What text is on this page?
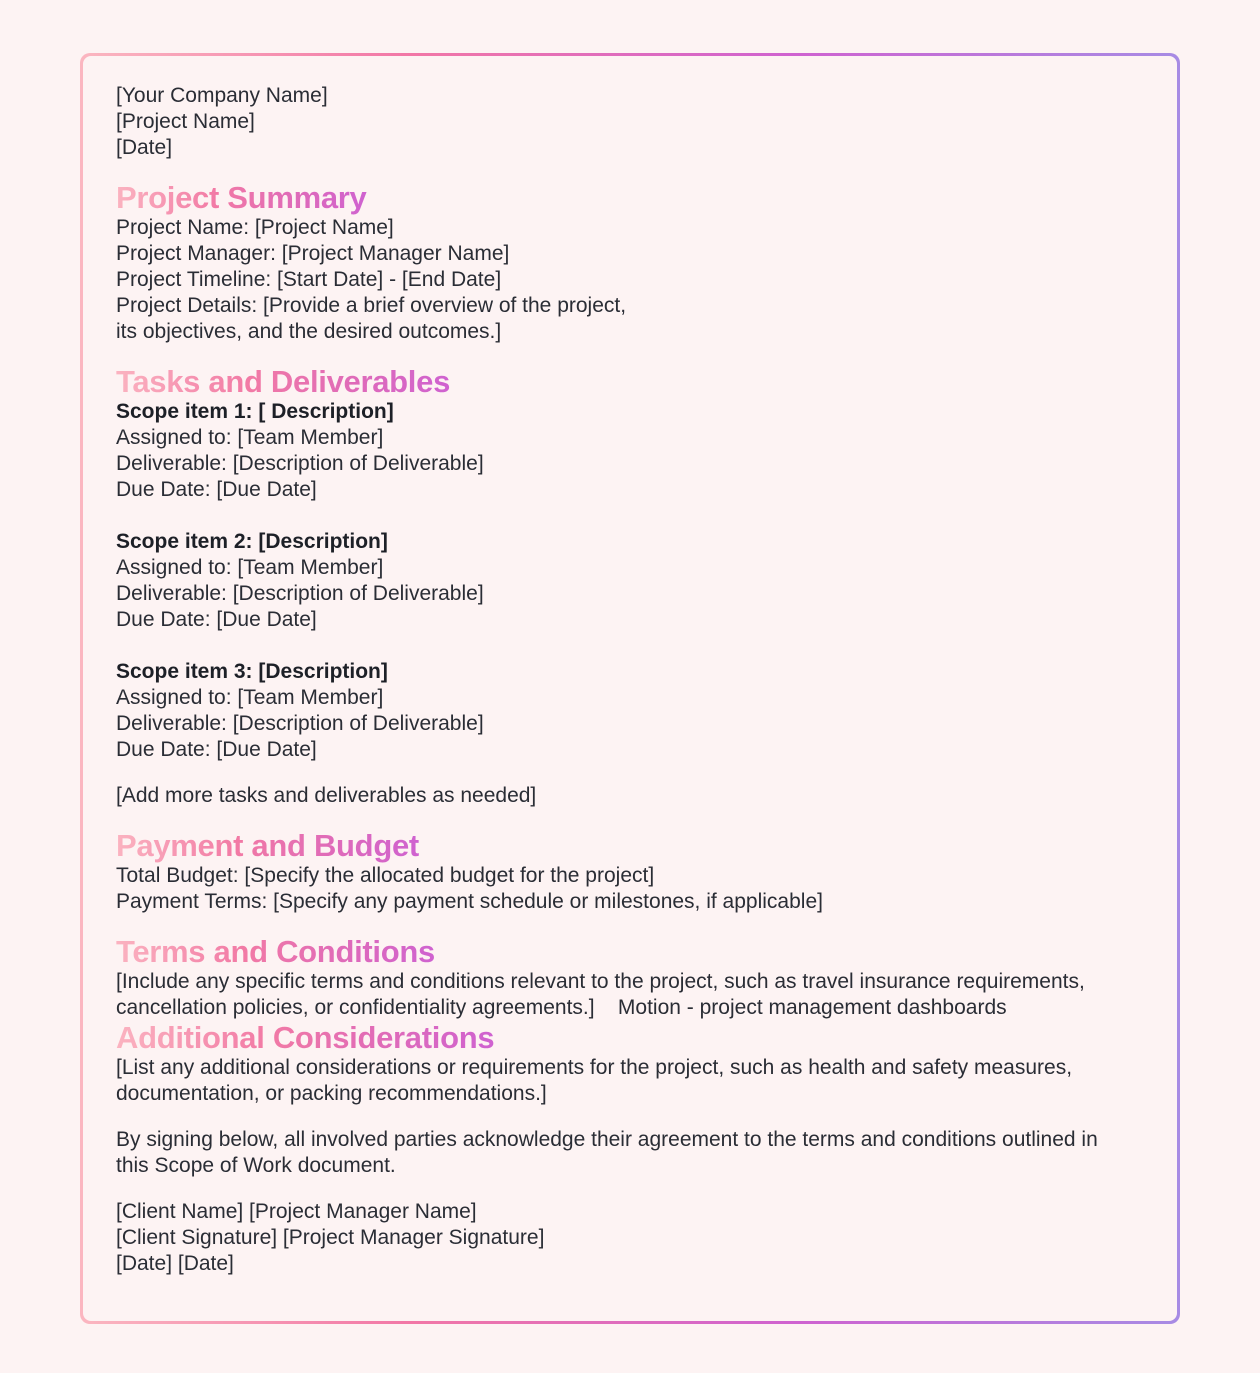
[Your Company Name]
[Project Name]
[Date]
Project Summary
Project Name: [Project Name]
Project Manager: [Project Manager Name]
Project Timeline: [Start Date] - [End Date]
Project Details: [Provide a brief overview of the project,
its objectives, and the desired outcomes.]
Tasks and Deliverables
Scope item 1: [ Description]
Assigned to: [Team Member]
Deliverable: [Description of Deliverable]
Due Date: [Due Date]
Scope item 2: [Description]
Assigned to: [Team Member]
Deliverable: [Description of Deliverable]
Due Date: [Due Date]
Scope item 3: [Description]
Assigned to: [Team Member]
Deliverable: [Description of Deliverable]
Due Date: [Due Date]
[Add more tasks and deliverables as needed]
Payment and Budget
Total Budget: [Specify the allocated budget for the project]
Payment Terms: [Specify any payment schedule or milestones, if applicable]
Terms and Conditions
[Include any specific terms and conditions relevant to the project, such as travel insurance requirements, cancellation policies, or confidentiality agreements.]    Motion - project management dashboards
Additional Considerations
[List any additional considerations or requirements for the project, such as health and safety measures, documentation, or packing recommendations.]
By signing below, all involved parties acknowledge their agreement to the terms and conditions outlined in this Scope of Work document.
[Client Name] [Project Manager Name]
[Client Signature] [Project Manager Signature]
[Date] [Date]
